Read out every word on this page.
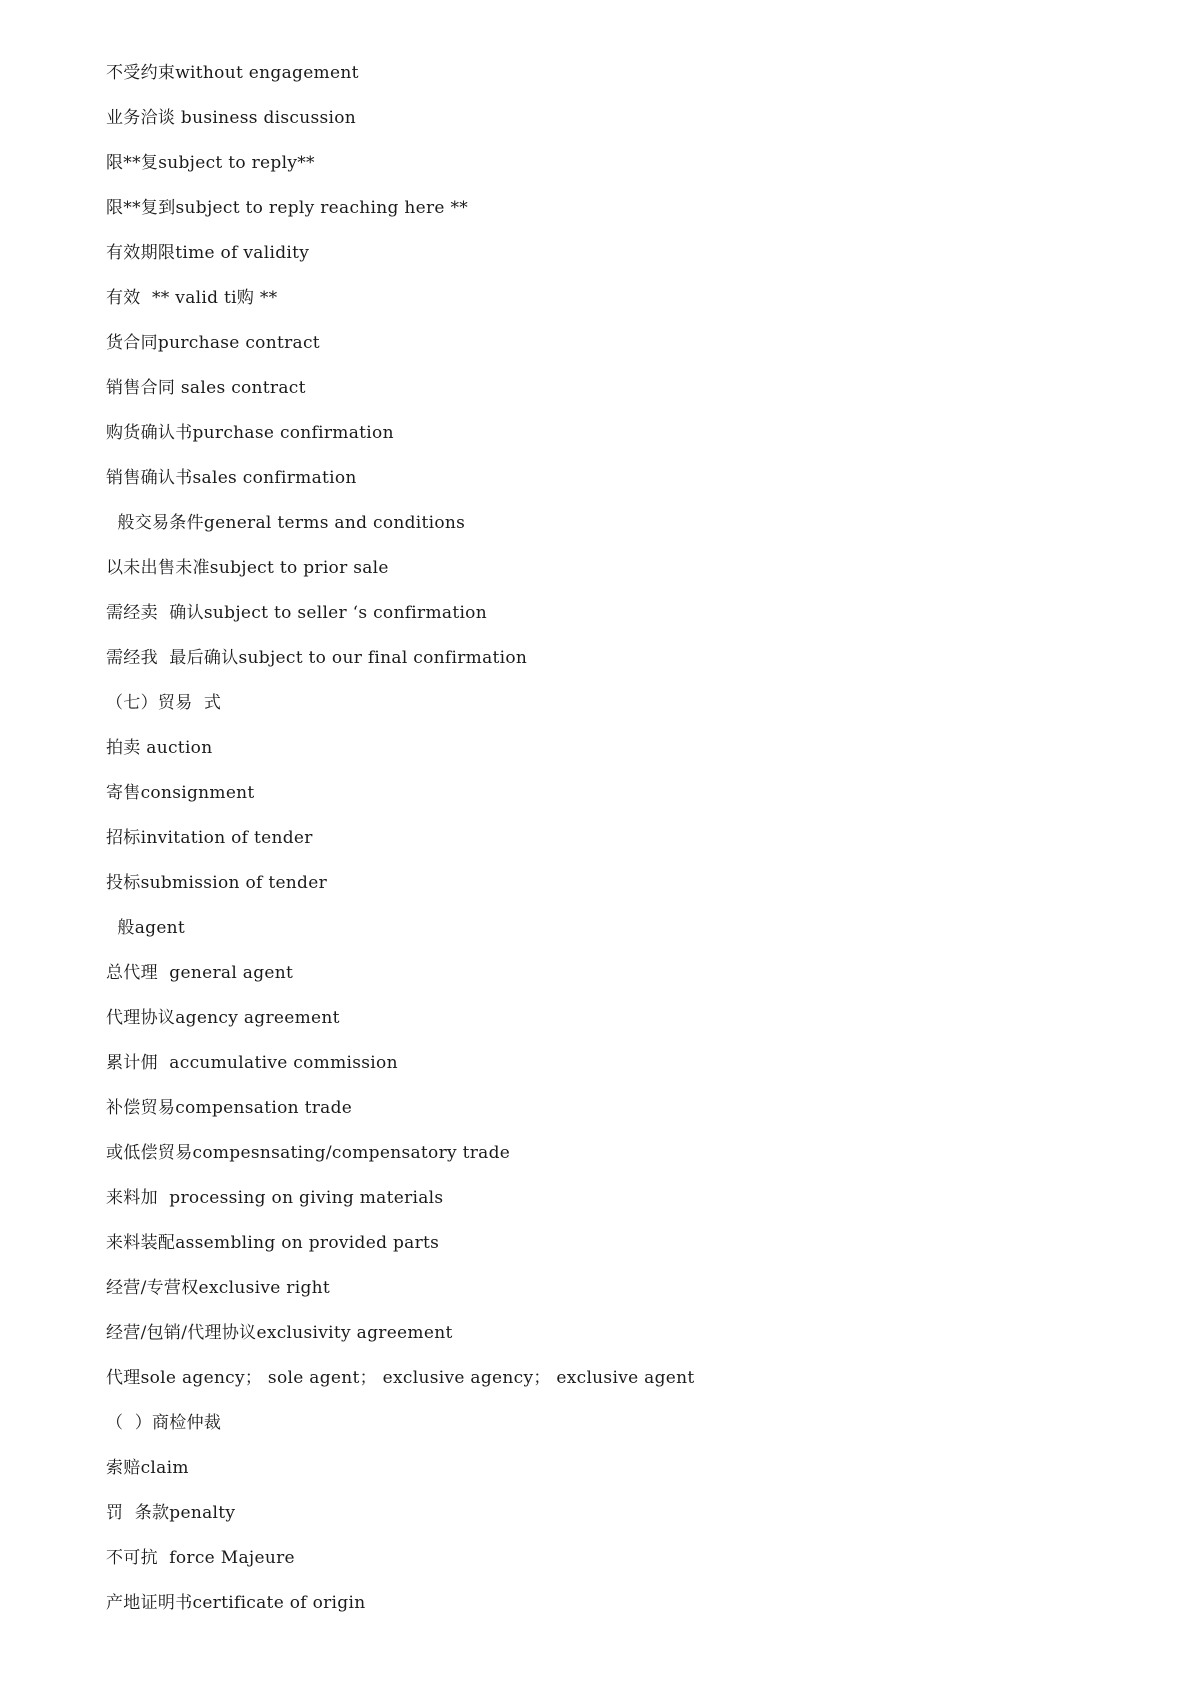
不受约束without engagement
业务洽谈 business discussion
限**复subject to reply**
限**复到subject to reply reaching here **
有效期限time of validity
有效  ** valid ti购 **
货合同purchase contract
销售合同 sales contract
购货确认书purchase confirmation
销售确认书sales confirmation
般交易条件general terms and conditions
以未出售未准subject to prior sale
需经卖  确认subject to seller ‘s confirmation
需经我  最后确认subject to our final confirmation
（七）贸易  式
拍卖 auction
寄售consignment
招标invitation of tender
投标submission of tender
般agent
总代理  general agent
代理协议agency agreement
累计佣  accumulative commission
补偿贸易compensation trade
或低偿贸易compesnsating/compensatory trade
来料加  processing on giving materials
来料装配assembling on provided parts
经营/专营权exclusive right
经营/包销/代理协议exclusivity agreement
代理sole agency； sole agent； exclusive agency； exclusive agent
（  ）商检仲裁
索赔claim
罚  条款penalty
不可抗  force Majeure
产地证明书certificate of origin
